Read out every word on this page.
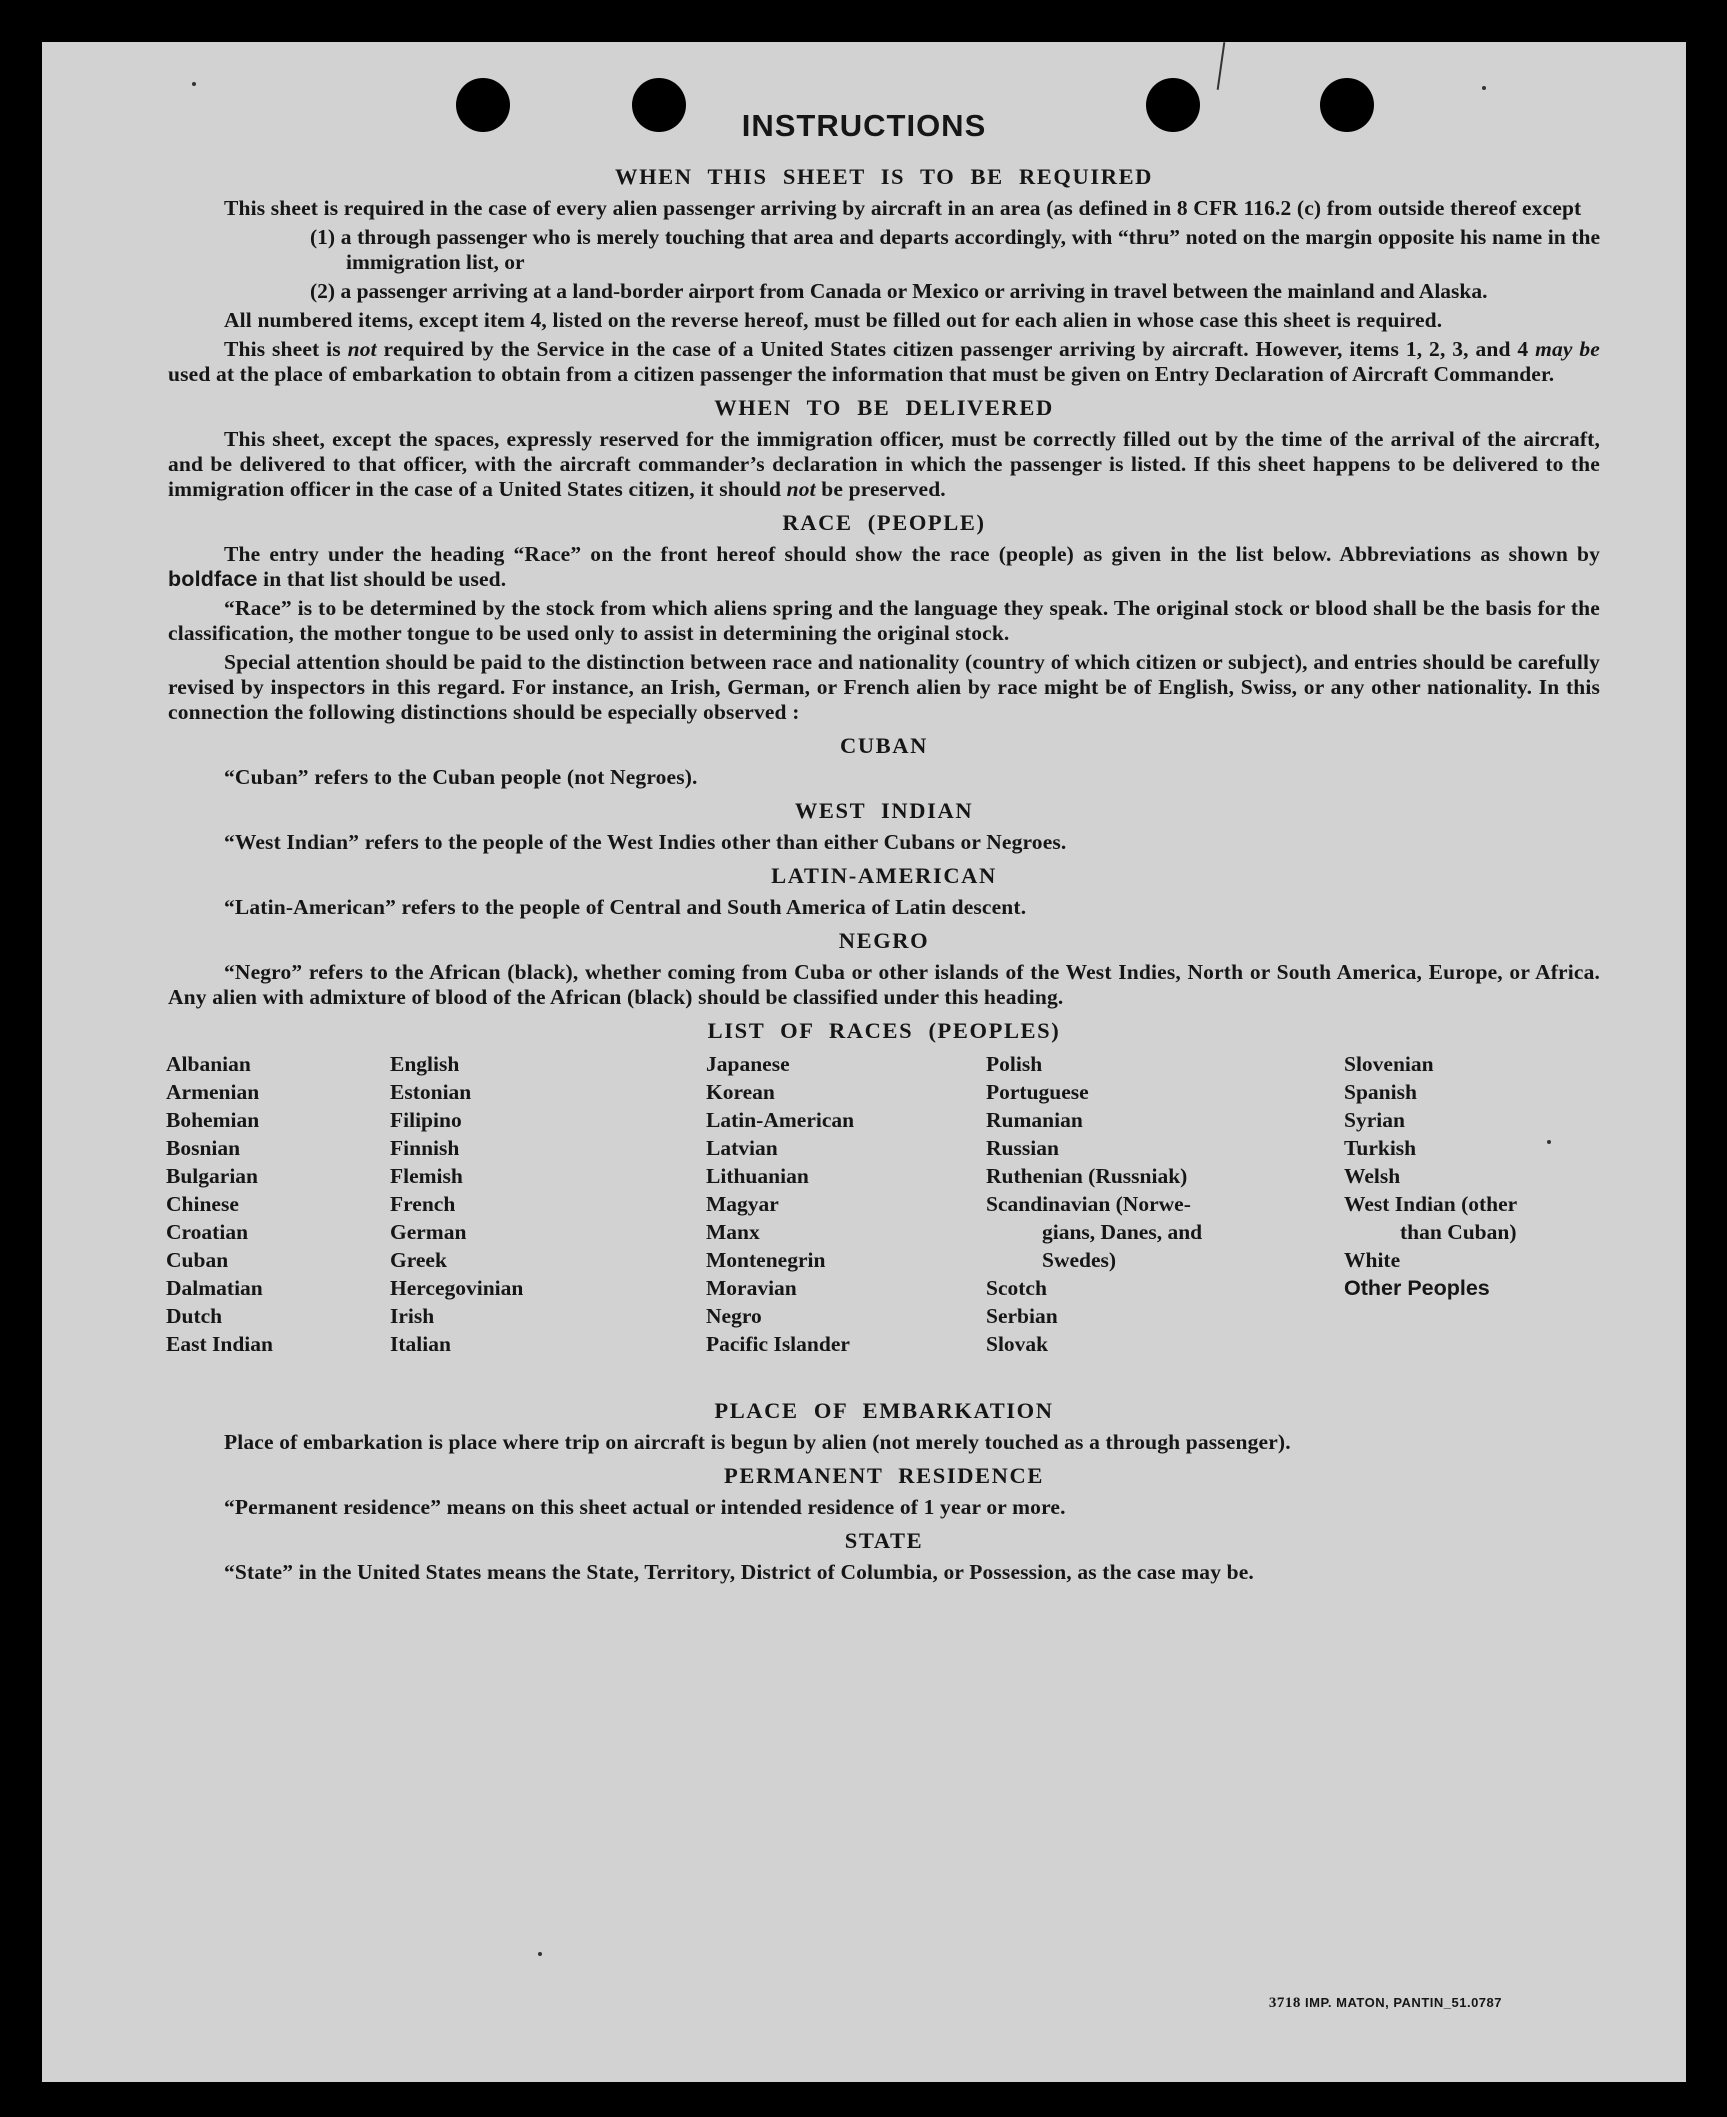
INSTRUCTIONS
WHEN THIS SHEET IS TO BE REQUIRED

This sheet is required in the case of every alien passenger arriving by aircraft in an area (as defined in 8 CFR 116.2 (c) from outside thereof except

(1) a through passenger who is merely touching that area and departs accordingly, with “thru” noted on the margin opposite his name in the immigration list, or

(2) a passenger arriving at a land-border airport from Canada or Mexico or arriving in travel between the mainland and Alaska.

All numbered items, except item 4, listed on the reverse hereof, must be filled out for each alien in whose case this sheet is required.

This sheet is not required by the Service in the case of a United States citizen passenger arriving by aircraft. However, items 1, 2, 3, and 4 may be used at the place of embarkation to obtain from a citizen passenger the information that must be given on Entry Declaration of Aircraft Commander.

WHEN TO BE DELIVERED

This sheet, except the spaces, expressly reserved for the immigration officer, must be correctly filled out by the time of the arrival of the aircraft, and be delivered to that officer, with the aircraft commander’s declaration in which the passenger is listed. If this sheet happens to be delivered to the immigration officer in the case of a United States citizen, it should not be preserved.

RACE (PEOPLE)

The entry under the heading “Race” on the front hereof should show the race (people) as given in the list below. Abbreviations as shown by boldface in that list should be used.

“Race” is to be determined by the stock from which aliens spring and the language they speak. The original stock or blood shall be the basis for the classification, the mother tongue to be used only to assist in determining the original stock.

Special attention should be paid to the distinction between race and nationality (country of which citizen or subject), and entries should be carefully revised by inspectors in this regard. For instance, an Irish, German, or French alien by race might be of English, Swiss, or any other nationality. In this connection the following distinctions should be especially observed :

CUBAN

“Cuban” refers to the Cuban people (not Negroes).

WEST INDIAN

“West Indian” refers to the people of the West Indies other than either Cubans or Negroes.

LATIN-AMERICAN

“Latin-American” refers to the people of Central and South America of Latin descent.

NEGRO

“Negro” refers to the African (black), whether coming from Cuba or other islands of the West Indies, North or South America, Europe, or Africa. Any alien with admixture of blood of the African (black) should be classified under this heading.

LIST OF RACES (PEOPLES)
Albanian
Armenian
Bohemian
Bosnian
Bulgarian
Chinese
Croatian
Cuban
Dalmatian
Dutch
East Indian
English
Estonian
Filipino
Finnish
Flemish
French
German
Greek
Hercegovinian
Irish
Italian
Japanese
Korean
Latin-American
Latvian
Lithuanian
Magyar
Manx
Montenegrin
Moravian
Negro
Pacific Islander
Polish
Portuguese
Rumanian
Russian
Ruthenian (Russniak)
Scandinavian (Norwe-
gians, Danes, and
Swedes)
Scotch
Serbian
Slovak
Slovenian
Spanish
Syrian
Turkish
Welsh
West Indian (other
than Cuban)
White
Other Peoples
PLACE OF EMBARKATION

Place of embarkation is place where trip on aircraft is begun by alien (not merely touched as a through passenger).

PERMANENT RESIDENCE

“Permanent residence” means on this sheet actual or intended residence of 1 year or more.

STATE

“State” in the United States means the State, Territory, District of Columbia, or Possession, as the case may be.

3718 IMP. MATON, PANTIN_51.0787
